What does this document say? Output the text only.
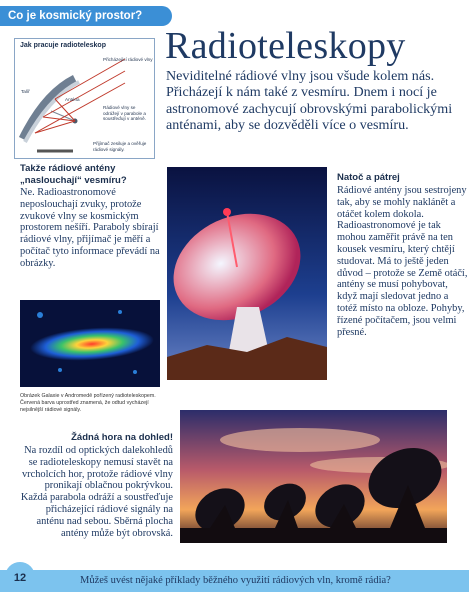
Co je kosmický prostor?
Jak pracuje radioteleskop
Přicházející rádiové vlny
Talíř
Anténa
Rádiové vlny se odrážejí v parabole a soustřeďují v anténě.
Přijímač zesiluje a ověřuje rádiové signály.
Radioteleskopy
Neviditelné rádiové vlny jsou všude kolem nás. Přicházejí k nám také z vesmíru. Dnem i nocí je astronomové zachycují obrovskými parabolickými anténami, aby se dozvěděli více o vesmíru.
Takže rádiové antény „naslouchají“ vesmíru?
Ne. Radioastronomové neposlouchají zvuky, protože zvukové vlny se kosmickým prostorem nešíří. Paraboly sbírají rádiové vlny, přijímač je měří a počítač tyto informace převádí na obrázky.
Obrázek Galaxie v Andromedě pořízený radioteleskopem. Červená barva uprostřed znamená, že odtud vycházejí nejsilnější rádiové signály.
Natoč a pátrej
Rádiové antény jsou sestrojeny tak, aby se mohly naklánět a otáčet kolem dokola. Radioastronomové je tak mohou zaměřit právě na ten kousek vesmíru, který chtějí studovat. Má to ještě jeden důvod – protože se Země otáčí, antény se musí pohybovat, když mají sledovat jedno a totéž místo na obloze. Pohyby, řízené počítačem, jsou velmi přesné.
Žádná hora na dohled!
Na rozdíl od optických dalekohledů se radioteleskopy nemusí stavět na vrcholcích hor, protože rádiové vlny pronikají oblačnou pokrývkou. Každá parabola odráží a soustřeďuje přicházející rádiové signály na anténu nad sebou. Sběrná plocha antény může být obrovská.
12	Můžeš uvést nějaké příklady běžného využití rádiových vln, kromě rádia?
